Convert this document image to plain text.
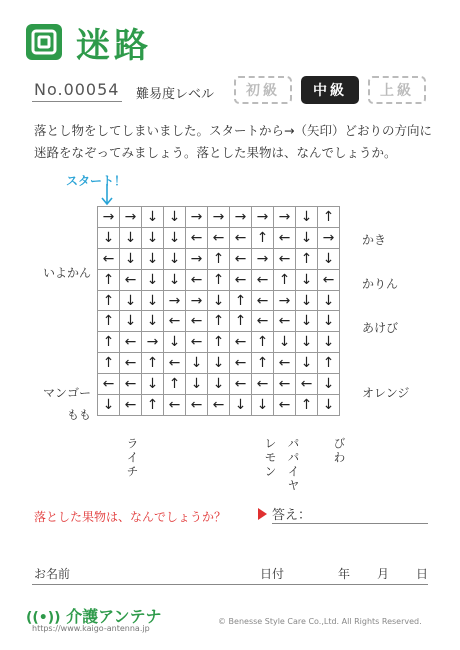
迷路
No.00054 難易度レベル	初級	中級	上級
落とし物をしてしまいました。スタートから→（矢印）どおりの方向に
迷路をなぞってみましょう。落とした果物は、なんでしょうか。
スタート！
→	→	↓	↓	→	→	→	→	→	↓	↑
↓	↓	↓	↓	←	←	←	↑	←	↓	→
←	↓	↓	↓	→	↑	←	→	←	↑	↓
↑	←	↓	↓	←	↑	←	←	↑	↓	←
↑	↓	↓	→	→	↓	↑	←	→	↓	↓
↑	↓	↓	←	←	↑	↑	←	←	↓	↓
↑	←	→	↓	←	↑	←	↑	↓	↓	↓
↑	←	↑	←	↓	↓	←	↑	←	↓	↑
←	←	↓	↑	↓	↓	←	←	←	←	↓
↓	←	↑	←	←	←	↓	↓	←	↑	↓
いよかん
マンゴー
もも
かき
かりん
あけび
オレンジ
ライチ	レモン パパイヤ	びわ
落とした果物は、なんでしょうか？	答え：
お名前	日付	年 月 日
((•)) 介護アンテナ
https://www.kaigo-antenna.jp
© Benesse Style Care Co.,Ltd. All Rights Reserved.
